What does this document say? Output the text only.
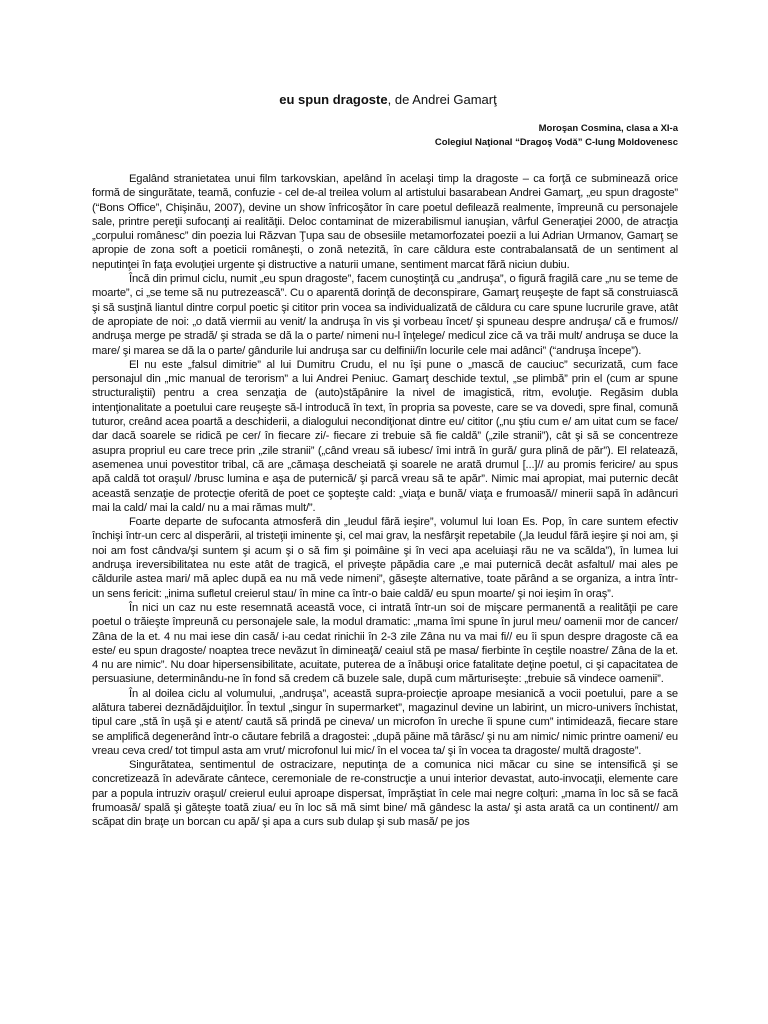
eu spun dragoste, de Andrei Gamarţ
Moroşan Cosmina, clasa a XI-a
Colegiul Naţional “Dragoş Vodă” C-lung Moldovenesc

Egalând stranietatea unui film tarkovskian, apelând în acelaşi timp la dragoste – ca forţă ce subminează orice formă de singurătate, teamă, confuzie - cel de-al treilea volum al artistului basarabean Andrei Gamarţ, „eu spun dragoste” (“Bons Office”, Chişinău, 2007), devine un show înfricoşător în care poetul defilează realmente, împreună cu personajele sale, printre pereţii sufocanţi ai realităţii. Deloc contaminat de mizerabilismul ianuşian, vârful Generaţiei 2000, de atracţia „corpului românesc” din poezia lui Răzvan Ţupa sau de obsesiile metamorfozatei poezii a lui Adrian Urmanov, Gamarţ se apropie de zona soft a poeticii româneşti, o zonă netezită, în care căldura este contrabalansată de un sentiment al neputinţei în faţa evoluţiei urgente şi distructive a naturii umane, sentiment marcat fără niciun dubiu.

Încă din primul ciclu, numit „eu spun dragoste”, facem cunoştinţă cu „andruşa”, o figură fragilă care „nu se teme de moarte”, ci „se teme să nu putrezească”. Cu o aparentă dorinţă de deconspirare, Gamarţ reuşeşte de fapt să construiască şi să susţină liantul dintre corpul poetic şi cititor prin vocea sa individualizată de căldura cu care spune lucrurile grave, atât de apropiate de noi: „o dată viermii au venit/ la andruşa în vis şi vorbeau încet/ şi spuneau despre andruşa/ că e frumos// andruşa merge pe stradă/ şi strada se dă la o parte/ nimeni nu-l înţelege/ medicul zice că va trăi mult/ andruşa se duce la mare/ şi marea se dă la o parte/ gândurile lui andruşa sar cu delfinii/în locurile cele mai adânci” (“andruşa începe”).

El nu este „falsul dimitrie” al lui Dumitru Crudu, el nu îşi pune o „mască de cauciuc” securizată, cum face personajul din „mic manual de terorism” a lui Andrei Peniuc. Gamarţ deschide textul, „se plimbă” prin el (cum ar spune structuraliştii) pentru a crea senzaţia de (auto)stăpânire la nivel de imagistică, ritm, evoluţie. Regăsim dubla intenţionalitate a poetului care reuşeşte să-l introducă în text, în propria sa poveste, care se va dovedi, spre final, comună tuturor, creând acea poartă a deschiderii, a dialogului necondiţionat dintre eu/ cititor („nu ştiu cum e/ am uitat cum se face/ dar dacă soarele se ridică pe cer/ în fiecare zi/- fiecare zi trebuie să fie caldă” („zile stranii”), cât şi să se concentreze asupra propriul eu care trece prin „zile stranii” („când vreau să iubesc/ îmi intră în gură/ gura plină de păr”). El relatează, asemenea unui povestitor tribal, că are „cămaşa descheiată şi soarele ne arată drumul [...]// au promis fericire/ au spus apă caldă tot oraşul/ /brusc lumina e aşa de puternică/ şi parcă vreau să te apăr”. Nimic mai apropiat, mai puternic decât această senzaţie de protecţie oferită de poet ce şopteşte cald: „viaţa e bună/ viaţa e frumoasă// minerii sapă în adâncuri mai la cald/ mai la cald/ nu a mai rămas mult/”.

Foarte departe de sufocanta atmosferă din „Ieudul fără ieşire”, volumul lui Ioan Es. Pop, în care suntem efectiv închişi într-un cerc al disperării, al tristeţii iminente şi, cel mai grav, la nesfârşit repetabile („la Ieudul fără ieşire şi noi am, şi noi am fost cândva/şi suntem şi acum şi o să fim şi poimâine şi în veci apa aceluiaşi rău ne va scălda”), în lumea lui andruşa ireversibilitatea nu este atât de tragică, el priveşte păpădia care „e mai puternică decât asfaltul/ mai ales pe căldurile astea mari/ mă aplec după ea nu mă vede nimeni”, găseşte alternative, toate părând a se organiza, a intra într-un sens fericit: „inima sufletul creierul stau/ în mine ca într-o baie caldă/ eu spun moarte/ şi noi ieşim în oraş”.

În nici un caz nu este resemnată această voce, ci intrată într-un soi de mişcare permanentă a realităţii pe care poetul o trăieşte împreună cu personajele sale, la modul dramatic: „mama îmi spune în jurul meu/ oamenii mor de cancer/ Zâna de la et. 4 nu mai iese din casă/ i-au cedat rinichii în 2-3 zile Zâna nu va mai fi// eu îi spun despre dragoste că ea este/ eu spun dragoste/ noaptea trece nevăzut în dimineaţă/ ceaiul stă pe masa/ fierbinte în ceştile noastre/ Zâna de la et. 4 nu are nimic”. Nu doar hipersensibilitate, acuitate, puterea de a înăbuşi orice fatalitate deţine poetul, ci şi capacitatea de persuasiune, determinându-ne în fond să credem că buzele sale, după cum mărturiseşte: „trebuie să vindece oamenii”.

În al doilea ciclu al volumului, „andruşa”, această supra-proiecţie aproape mesianică a vocii poetului, pare a se alătura taberei deznădăjduiţilor. În textul „singur în supermarket”, magazinul devine un labirint, un micro-univers închistat, tipul care „stă în uşă şi e atent/ caută să prindă pe cineva/ un microfon în ureche îi spune cum” intimidează, fiecare stare se amplifică degenerând într-o căutare febrilă a dragostei: „după păine mă târăsc/ şi nu am nimic/ nimic printre oameni/ eu vreau ceva cred/ tot timpul asta am vrut/ microfonul lui mic/ în el vocea ta/ şi în vocea ta dragoste/ multă dragoste”.

Singurătatea, sentimentul de ostracizare, neputinţa de a comunica nici măcar cu sine se intensifică şi se concretizează în adevărate cântece, ceremoniale de re-construcţie a unui interior devastat, auto-invocaţii, elemente care par a popula intruziv oraşul/ creierul eului aproape dispersat, împrăştiat în cele mai negre colţuri: „mama în loc să se facă frumoasă/ spală şi găteşte toată ziua/ eu în loc să mă simt bine/ mă gândesc la asta/ şi asta arată ca un continent// am scăpat din braţe un borcan cu apă/ şi apa a curs sub dulap şi sub masă/ pe jos
